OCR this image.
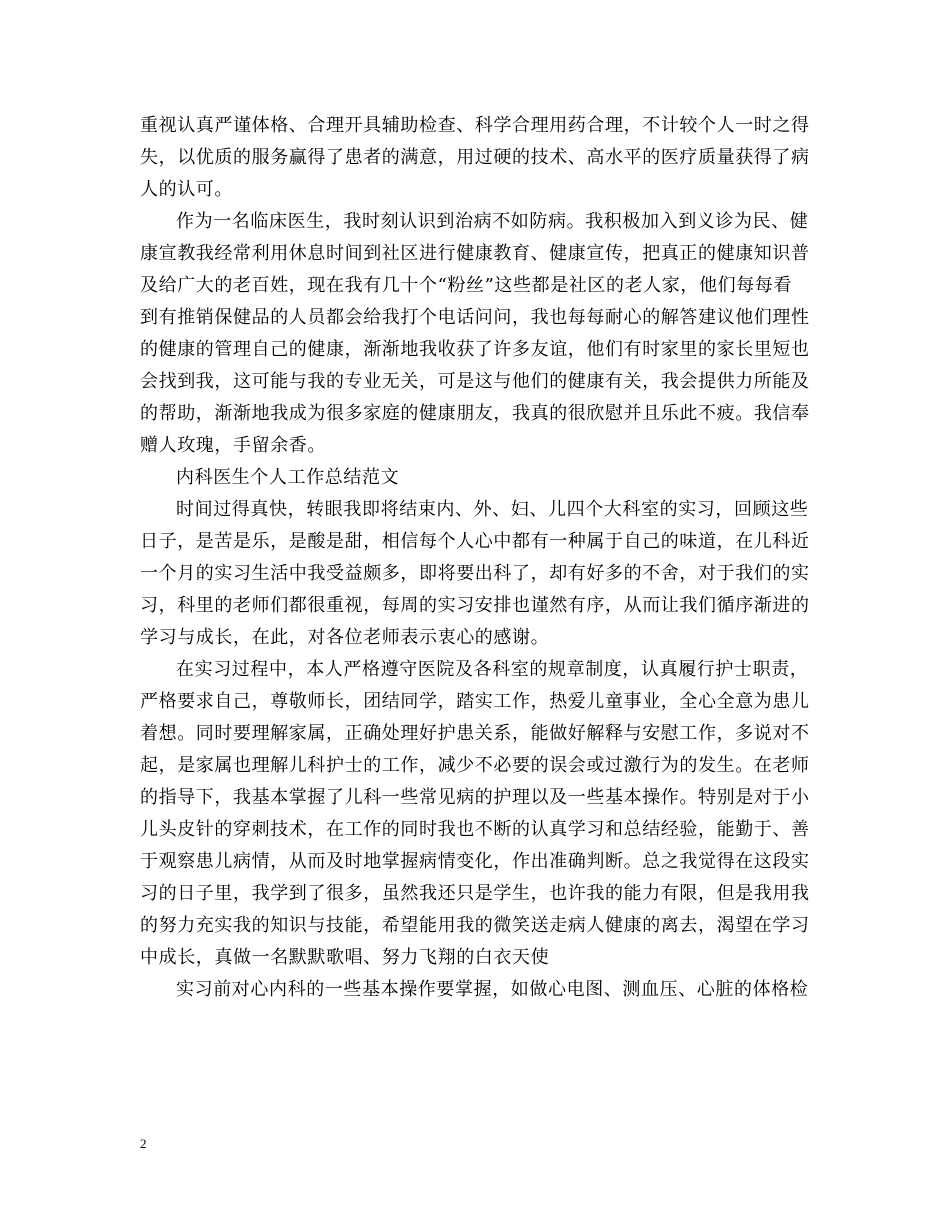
重视认真严谨体格、合理开具辅助检查、科学合理用药合理，不计较个人一时之得
失，以优质的服务赢得了患者的满意，用过硬的技术、高水平的医疗质量获得了病
人的认可。
作为一名临床医生，我时刻认识到治病不如防病。我积极加入到义诊为民、健
康宣教我经常利用休息时间到社区进行健康教育、健康宣传，把真正的健康知识普
及给广大的老百姓，现在我有几十个“粉丝”这些都是社区的老人家，他们每每看
到有推销保健品的人员都会给我打个电话问问，我也每每耐心的解答建议他们理性
的健康的管理自己的健康，渐渐地我收获了许多友谊，他们有时家里的家长里短也
会找到我，这可能与我的专业无关，可是这与他们的健康有关，我会提供力所能及
的帮助，渐渐地我成为很多家庭的健康朋友，我真的很欣慰并且乐此不疲。我信奉
赠人玫瑰，手留余香。
内科医生个人工作总结范文
时间过得真快，转眼我即将结束内、外、妇、儿四个大科室的实习，回顾这些
日子，是苦是乐，是酸是甜，相信每个人心中都有一种属于自己的味道，在儿科近
一个月的实习生活中我受益颇多，即将要出科了，却有好多的不舍，对于我们的实
习，科里的老师们都很重视，每周的实习安排也谨然有序，从而让我们循序渐进的
学习与成长，在此，对各位老师表示衷心的感谢。
在实习过程中，本人严格遵守医院及各科室的规章制度，认真履行护士职责，
严格要求自己，尊敬师长，团结同学，踏实工作，热爱儿童事业，全心全意为患儿
着想。同时要理解家属，正确处理好护患关系，能做好解释与安慰工作，多说对不
起，是家属也理解儿科护士的工作，减少不必要的误会或过激行为的发生。在老师
的指导下，我基本掌握了儿科一些常见病的护理以及一些基本操作。特别是对于小
儿头皮针的穿刺技术，在工作的同时我也不断的认真学习和总结经验，能勤于、善
于观察患儿病情，从而及时地掌握病情变化，作出准确判断。总之我觉得在这段实
习的日子里，我学到了很多，虽然我还只是学生，也许我的能力有限，但是我用我
的努力充实我的知识与技能，希望能用我的微笑送走病人健康的离去，渴望在学习
中成长，真做一名默默歌唱、努力飞翔的白衣天使
实习前对心内科的一些基本操作要掌握，如做心电图、测血压、心脏的体格检
2
